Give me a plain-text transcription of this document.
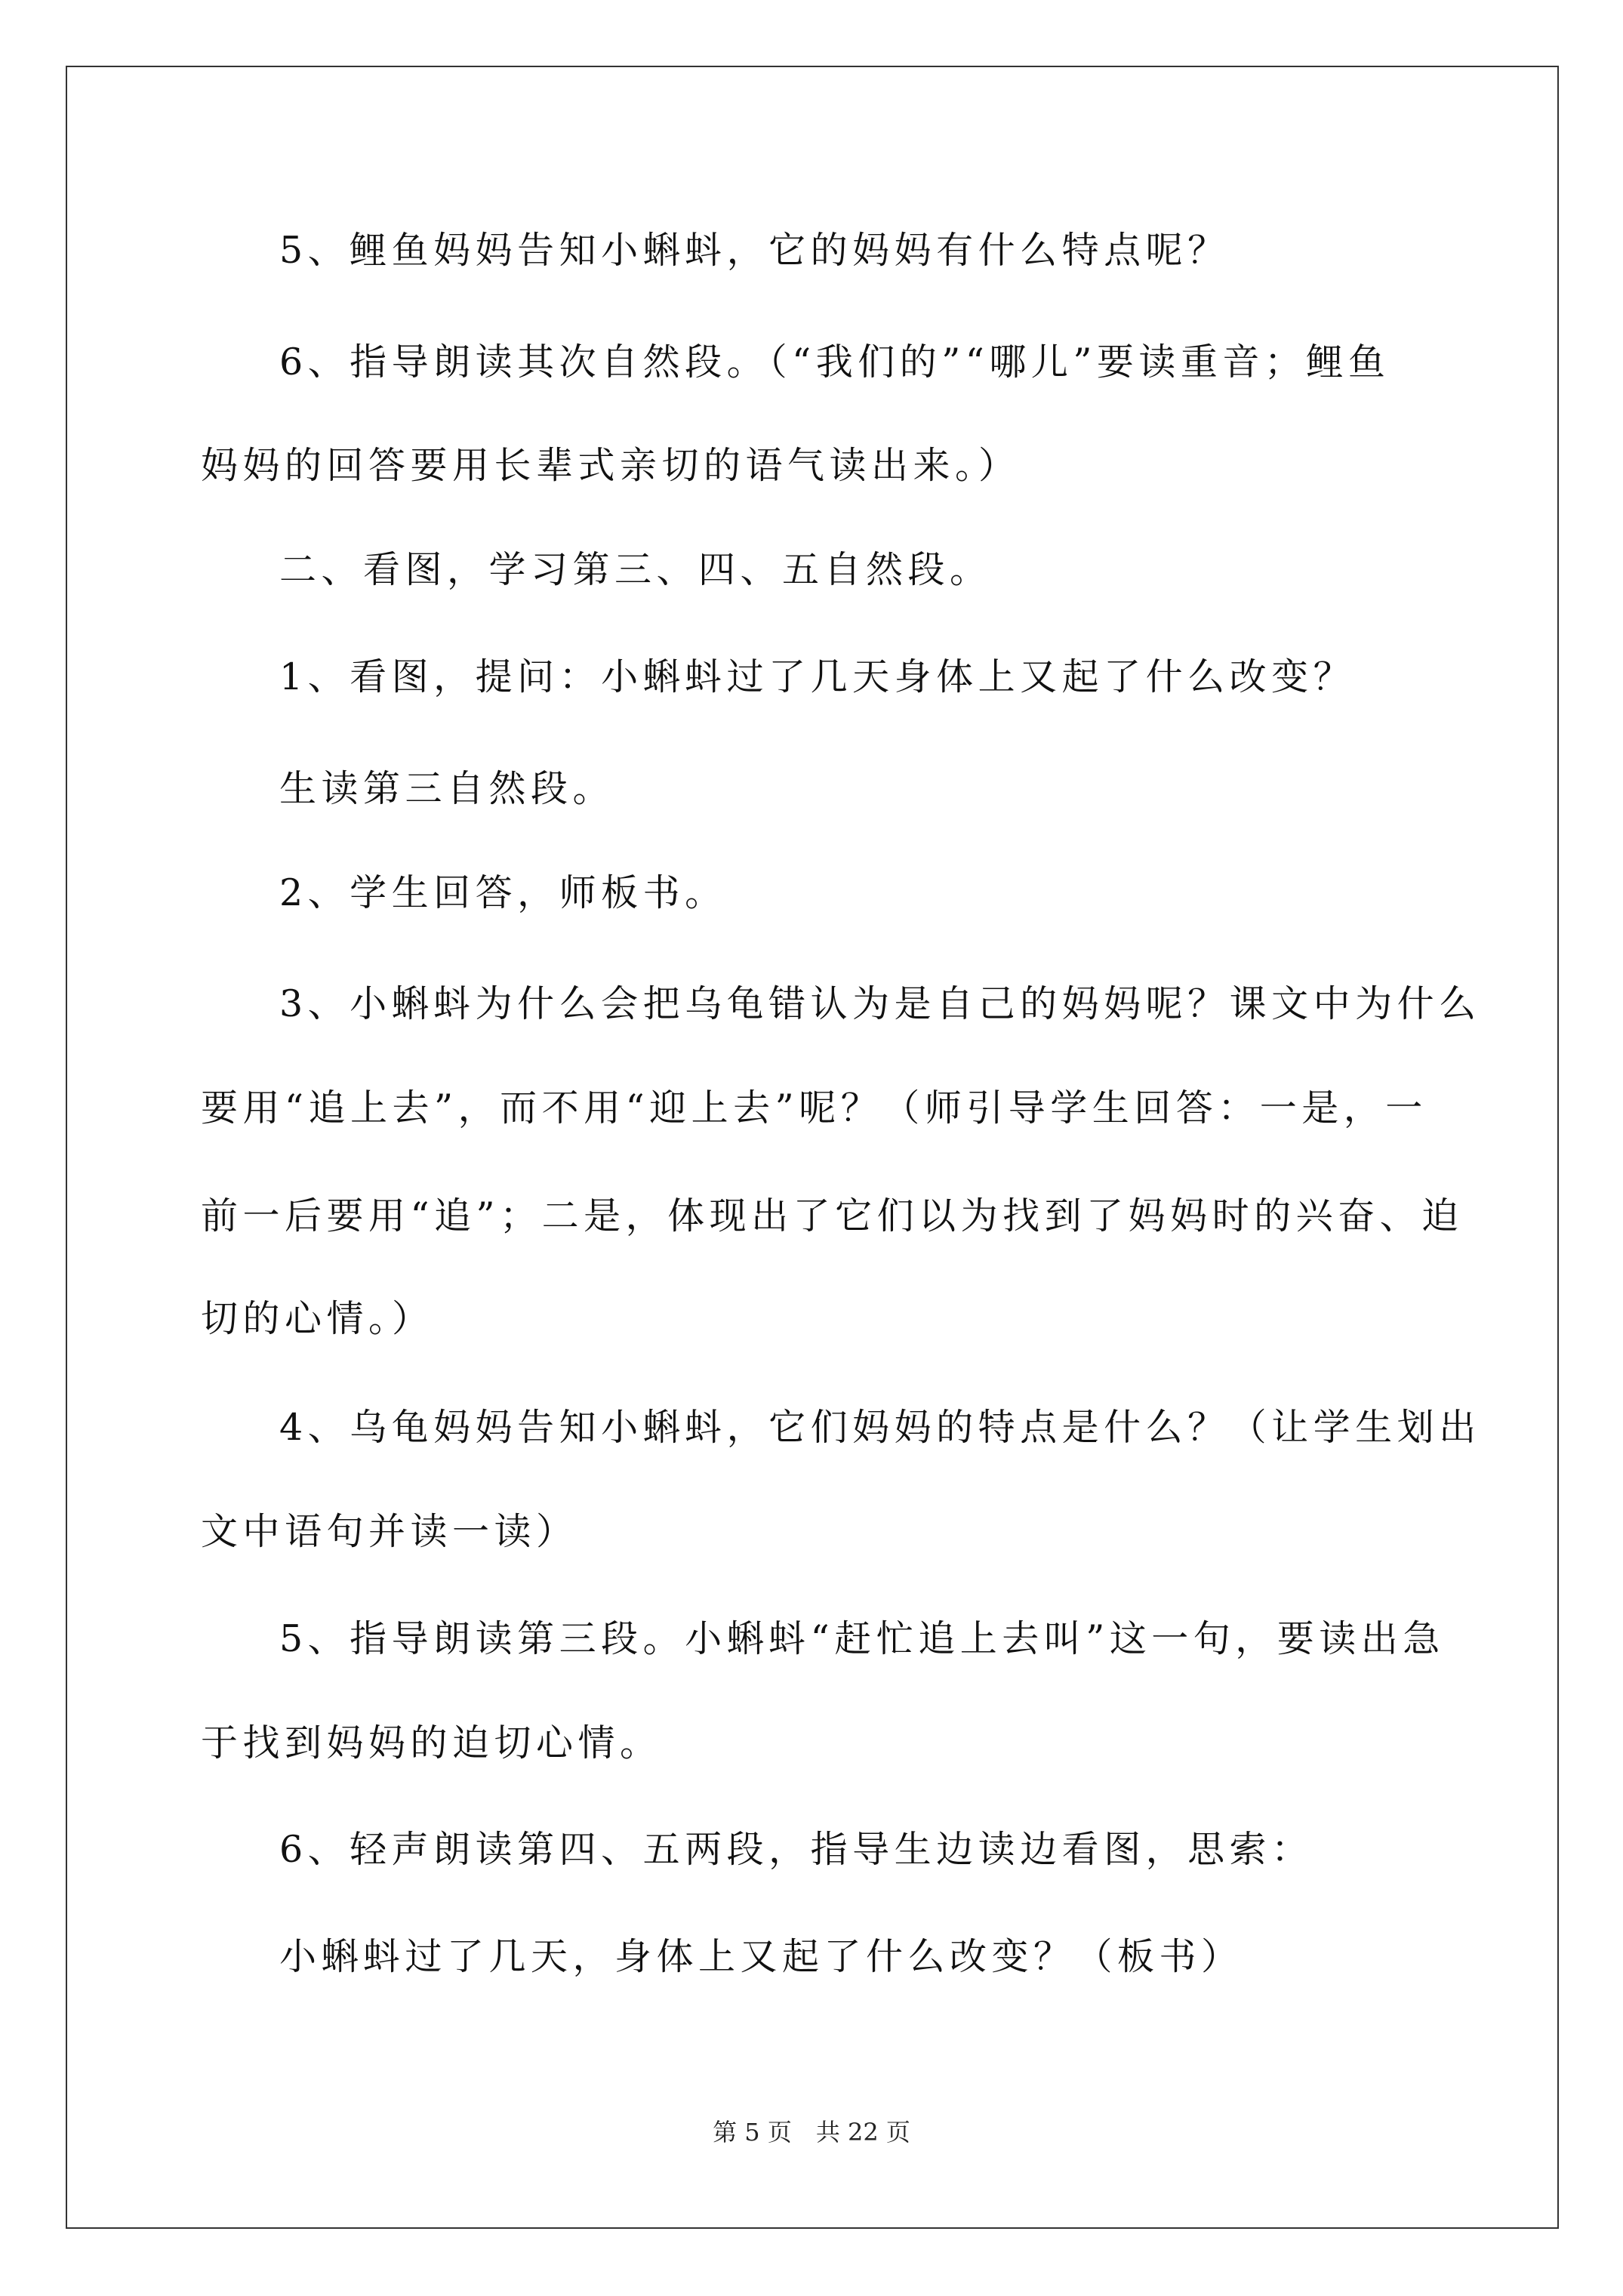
5、鲤鱼妈妈告知小蝌蚪，它的妈妈有什么特点呢？
6、指导朗读其次自然段。（“我们的”“哪儿”要读重音；鲤鱼
妈妈的回答要用长辈式亲切的语气读出来。）
二、看图，学习第三、四、五自然段。
1、看图，提问：小蝌蚪过了几天身体上又起了什么改变？
生读第三自然段。
2、学生回答，师板书。
3、小蝌蚪为什么会把乌龟错认为是自己的妈妈呢？课文中为什么
要用“追上去”，而不用“迎上去”呢？（师引导学生回答：一是，一
前一后要用“追”；二是，体现出了它们以为找到了妈妈时的兴奋、迫
切的心情。）
4、乌龟妈妈告知小蝌蚪，它们妈妈的特点是什么？（让学生划出
文中语句并读一读）
5、指导朗读第三段。小蝌蚪“赶忙追上去叫”这一句，要读出急
于找到妈妈的迫切心情。
6、轻声朗读第四、五两段，指导生边读边看图，思索：
小蝌蚪过了几天，身体上又起了什么改变？（板书）
第 5 页　共 22 页
